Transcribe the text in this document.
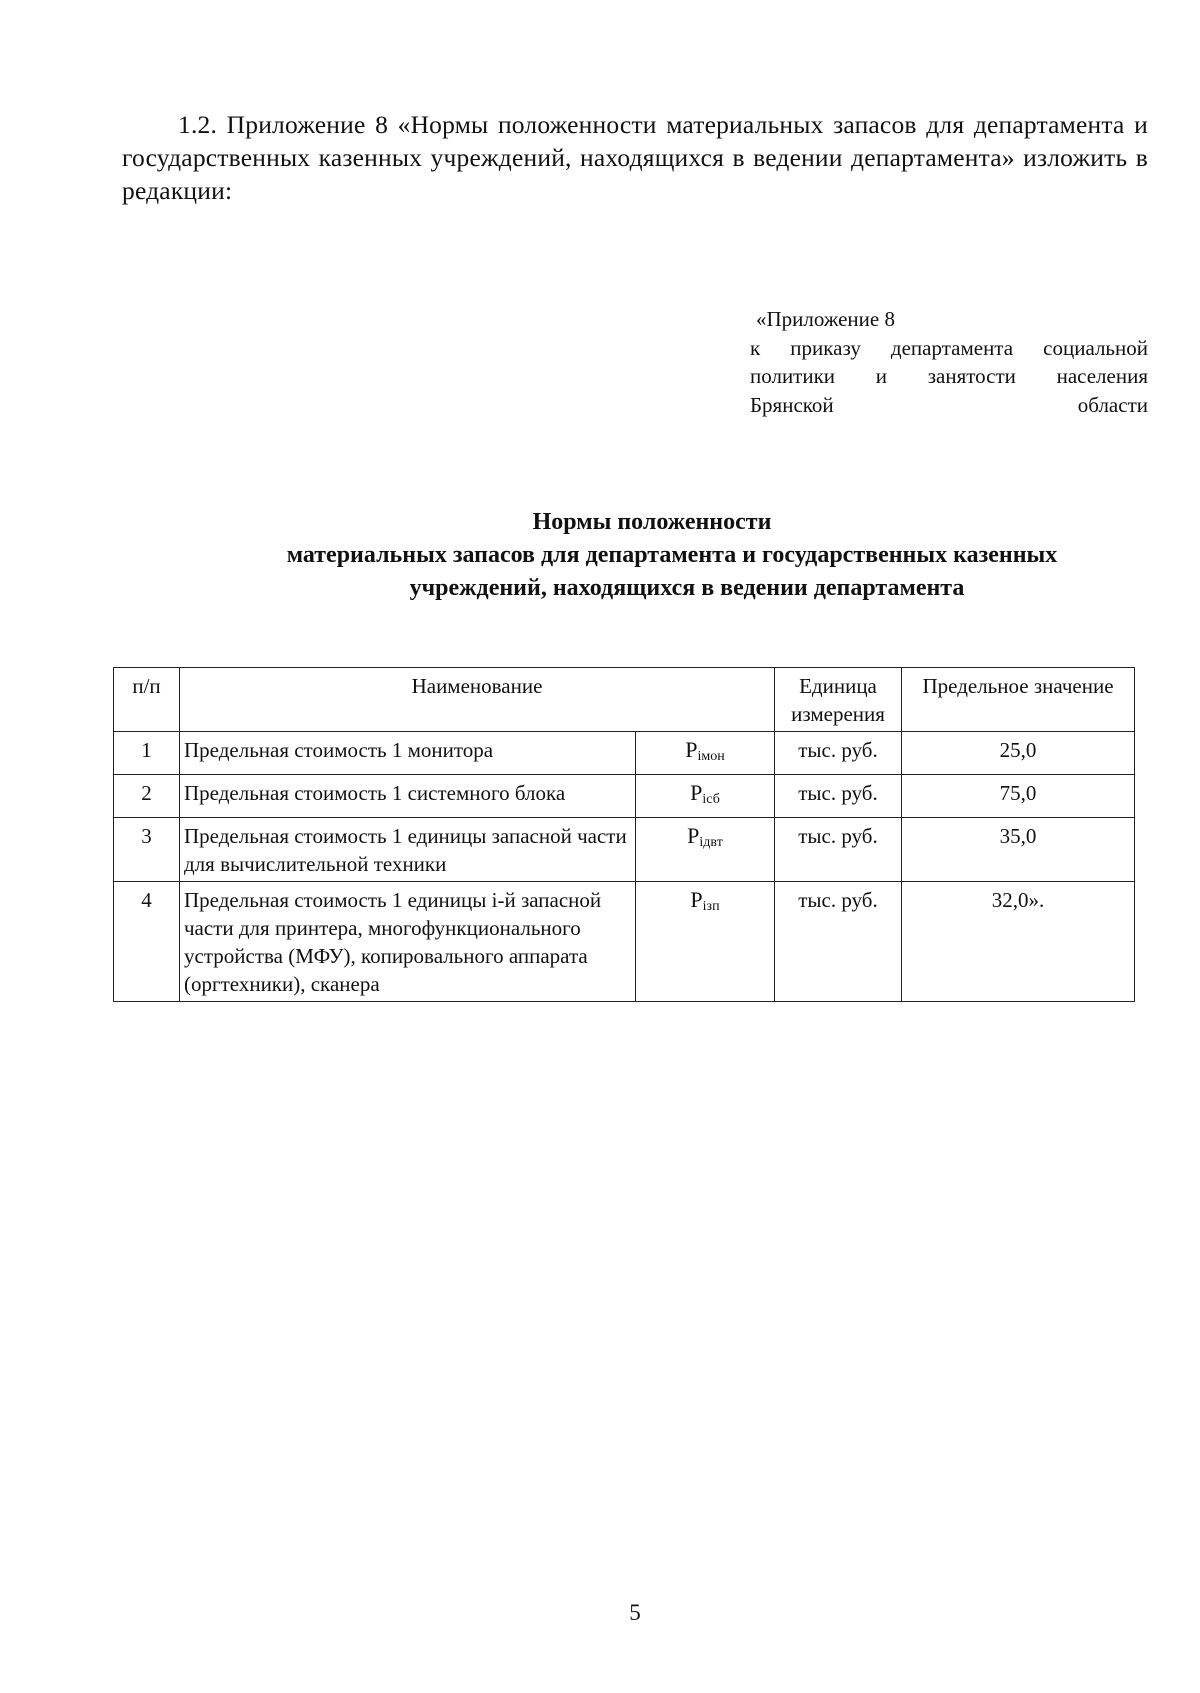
1.2. Приложение 8 «Нормы положенности материальных запасов для департамента и государственных казенных учреждений, находящихся в ведении департамента» изложить в редакции:
«Приложение 8
к приказу департамента социальной
политики и занятости населения
Брянской области
Нормы положенности
материальных запасов для департамента и государственных казенных
учреждений, находящихся в ведении департамента
п/п	Наименование		Единица измерения	Предельное значение
1	Предельная стоимость 1 монитора	Piмон	тыс. руб.	25,0
2	Предельная стоимость 1 системного блока	Piсб	тыс. руб.	75,0
3	Предельная стоимость 1 единицы запасной части для вычислительной техники	Piдвт	тыс. руб.	35,0
4	Предельная стоимость 1 единицы i-й запасной части для принтера, многофункционального устройства (МФУ), копировального аппарата (оргтехники), сканера	Piзп	тыс. руб.	32,0».
5
